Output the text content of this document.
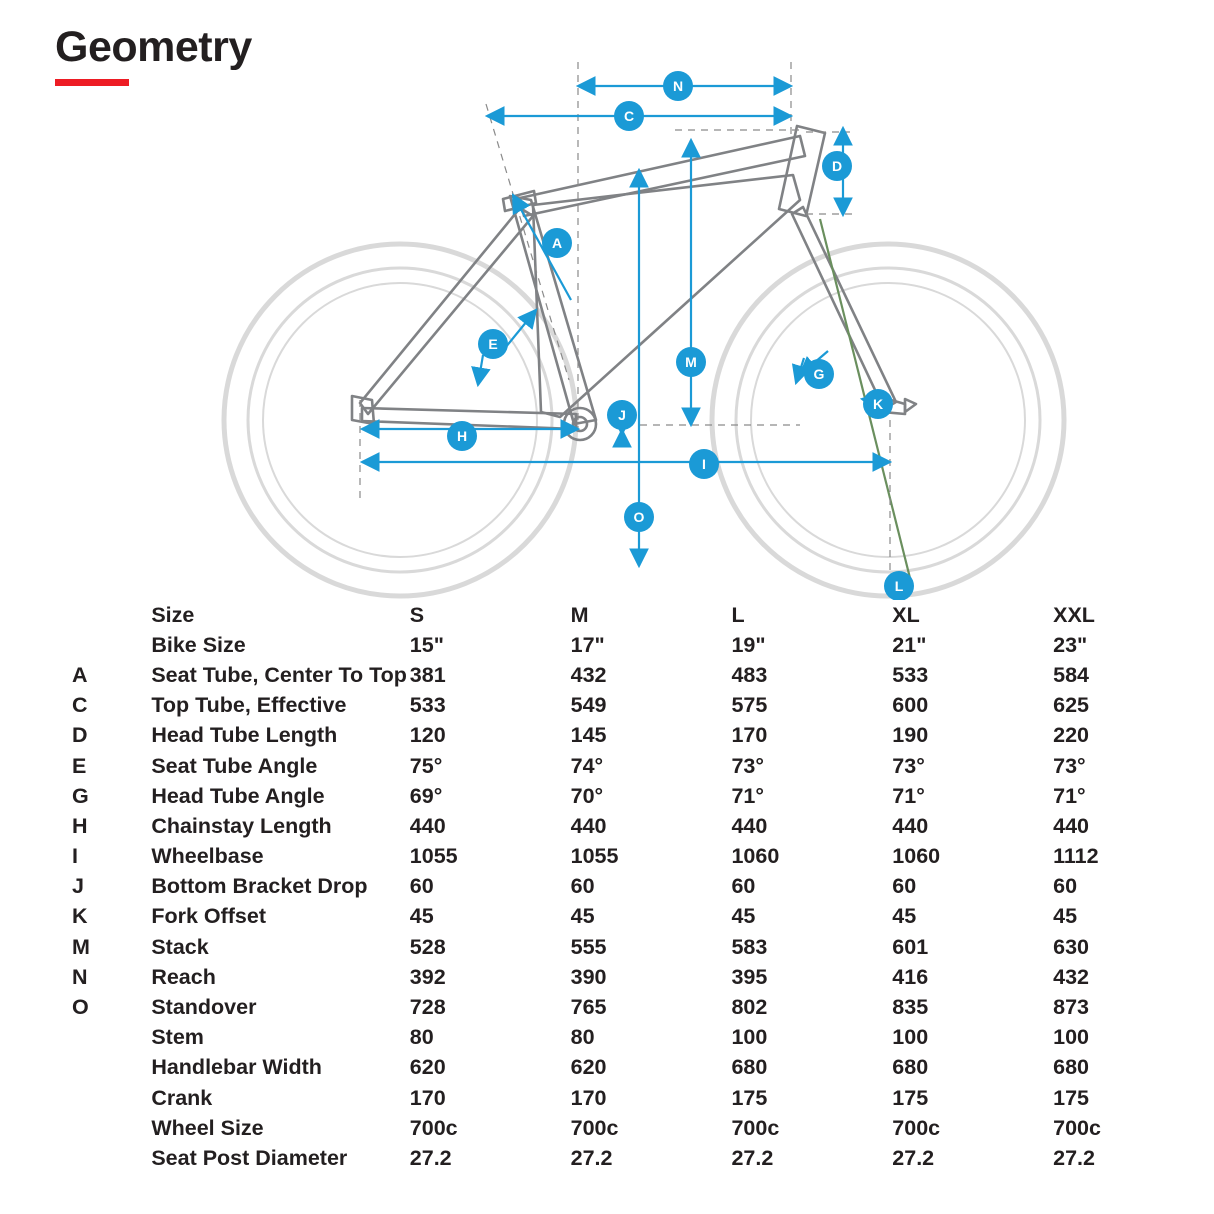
Geometry
N
C
D
A
E
M
G
K
J
H
I
O
L
	Size	S	M	L	XL	XXL
	Bike Size	15"	17"	19"	21"	23"
A	Seat Tube, Center To Top	381	432	483	533	584
C	Top Tube, Effective	533	549	575	600	625
D	Head Tube Length	120	145	170	190	220
E	Seat Tube Angle	75°	74°	73°	73°	73°
G	Head Tube Angle	69°	70°	71°	71°	71°
H	Chainstay Length	440	440	440	440	440
I	Wheelbase	1055	1055	1060	1060	1112
J	Bottom Bracket Drop	60	60	60	60	60
K	Fork Offset	45	45	45	45	45
M	Stack	528	555	583	601	630
N	Reach	392	390	395	416	432
O	Standover	728	765	802	835	873
	Stem	80	80	100	100	100
	Handlebar Width	620	620	680	680	680
	Crank	170	170	175	175	175
	Wheel Size	700c	700c	700c	700c	700c
	Seat Post Diameter	27.2	27.2	27.2	27.2	27.2
